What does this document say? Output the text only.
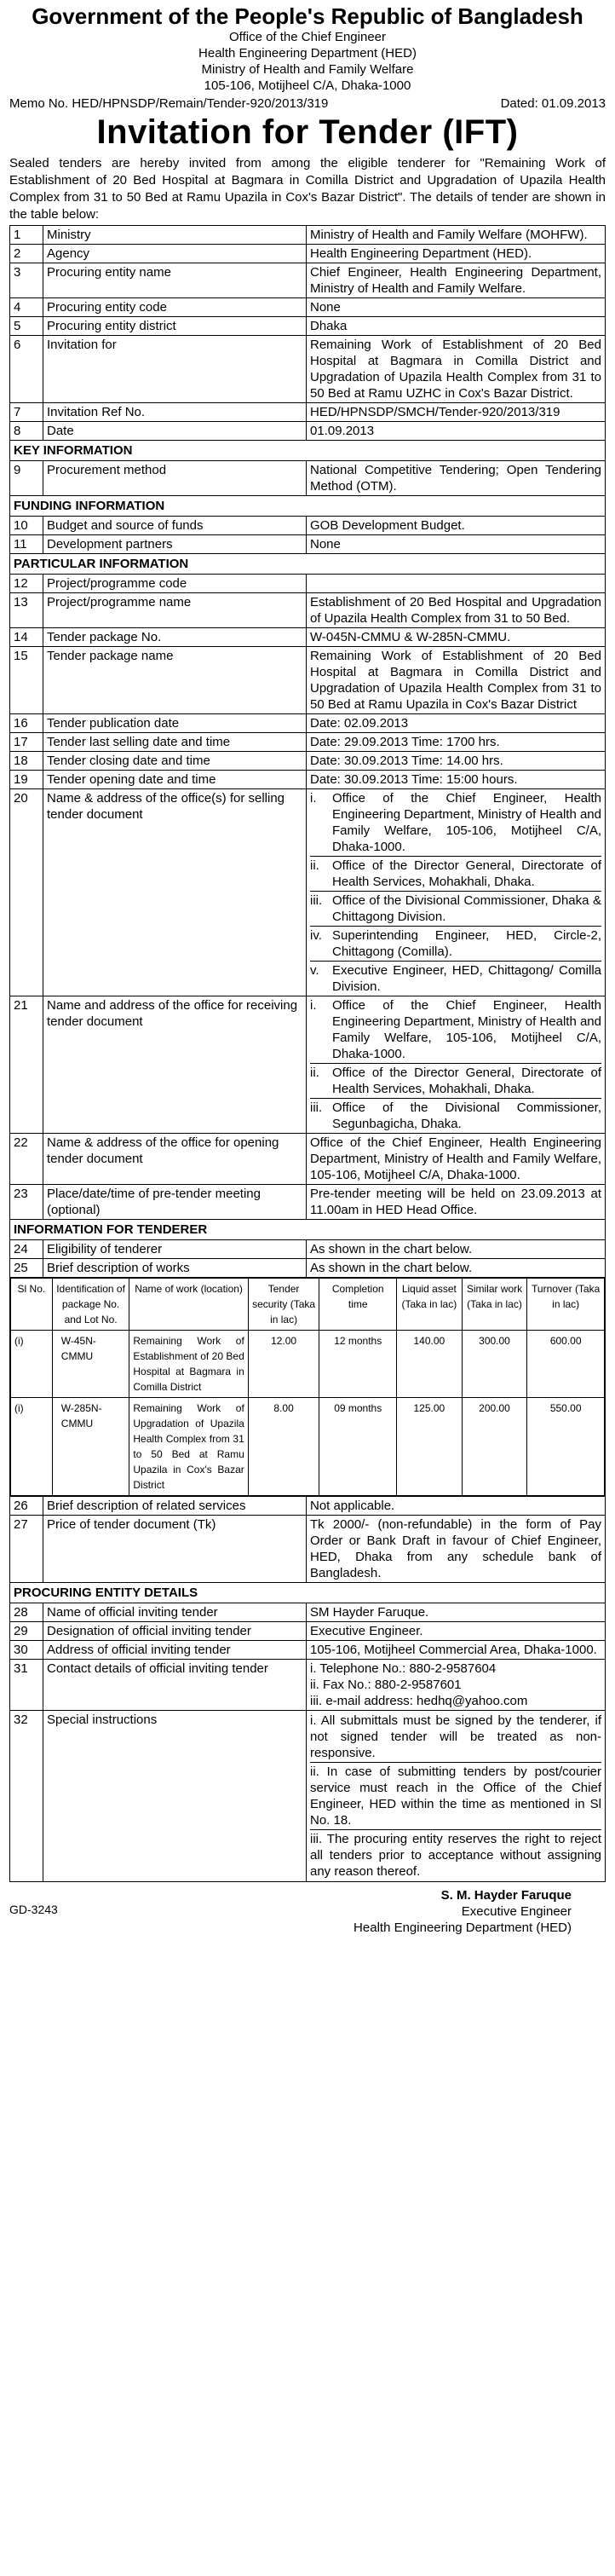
Government of the People's Republic of Bangladesh
Office of the Chief Engineer
Health Engineering Department (HED)
Ministry of Health and Family Welfare
105-106, Motijheel C/A, Dhaka-1000
Memo No. HED/HPNSDP/Remain/Tender-920/2013/319	Dated: 01.09.2013
Invitation for Tender (IFT)
Sealed tenders are hereby invited from among the eligible tenderer for "Remaining Work of Establishment of 20 Bed Hospital at Bagmara in Comilla District and Upgradation of Upazila Health Complex from 31 to 50 Bed at Ramu Upazila in Cox's Bazar District". The details of tender are shown in the table below:
1	Ministry	Ministry of Health and Family Welfare (MOHFW).
2	Agency	Health Engineering Department (HED).
3	Procuring entity name	Chief Engineer, Health Engineering Department, Ministry of Health and Family Welfare.
4	Procuring entity code	None
5	Procuring entity district	Dhaka
6	Invitation for	Remaining Work of Establishment of 20 Bed Hospital at Bagmara in Comilla District and Upgradation of Upazila Health Complex from 31 to 50 Bed at Ramu UZHC in Cox's Bazar District.
7	Invitation Ref No.	HED/HPNSDP/SMCH/Tender-920/2013/319
8	Date	01.09.2013
KEY INFORMATION
9	Procurement method	National Competitive Tendering; Open Tendering Method (OTM).
FUNDING INFORMATION
10	Budget and source of funds	GOB Development Budget.
11	Development partners	None
PARTICULAR INFORMATION
12	Project/programme code	
13	Project/programme name	Establishment of 20 Bed Hospital and Upgradation of Upazila Health Complex from 31 to 50 Bed.
14	Tender package No.	W-045N-CMMU & W-285N-CMMU.
15	Tender package name	Remaining Work of Establishment of 20 Bed Hospital at Bagmara in Comilla District and Upgradation of Upazila Health Complex from 31 to 50 Bed at Ramu Upazila in Cox's Bazar District
16	Tender publication date	Date: 02.09.2013
17	Tender last selling date and time	Date: 29.09.2013 Time: 1700 hrs.
18	Tender closing date and time	Date: 30.09.2013 Time: 14.00 hrs.
19	Tender opening date and time	Date: 30.09.2013 Time: 15:00 hours.
20	Name & address of the office(s) for selling tender document	
i.	Office of the Chief Engineer, Health Engineering Department, Ministry of Health and Family Welfare, 105-106, Motijheel C/A, Dhaka-1000.
ii.	Office of the Director General, Directorate of Health Services, Mohakhali, Dhaka.
iii. Office of the Divisional Commissioner, Dhaka & Chittagong Division.
iv. Superintending Engineer, HED, Circle-2, Chittagong (Comilla).
v.	Executive Engineer, HED, Chittagong/ Comilla Division.

21	Name and address of the office for receiving tender document	
i.	Office of the Chief Engineer, Health Engineering Department, Ministry of Health and Family Welfare, 105-106, Motijheel C/A, Dhaka-1000.
ii.	Office of the Director General, Directorate of Health Services, Mohakhali, Dhaka.
iii. Office of the Divisional Commissioner, Segunbagicha, Dhaka.

22	Name & address of the office for opening tender document	Office of the Chief Engineer, Health Engineering Department, Ministry of Health and Family Welfare, 105-106, Motijheel C/A, Dhaka-1000.
23	Place/date/time of pre-tender meeting (optional)	Pre-tender meeting will be held on 23.09.2013 at 11.00am in HED Head Office.
INFORMATION FOR TENDERER
24	Eligibility of tenderer	As shown in the chart below.
25	Brief description of works	As shown in the chart below.

Sl No.	Identification of package No. and Lot No.	Name of work (location)	Tender security (Taka in lac)	Completion time	Liquid asset (Taka in lac)	Similar work (Taka in lac)	Turnover (Taka in lac)
(i)	W-45N-CMMU	Remaining Work of Establishment of 20 Bed Hospital at Bagmara in Comilla District	12.00	12 months	140.00	300.00	600.00
(i)	W-285N-CMMU	Remaining Work of Upgradation of Upazila Health Complex from 31 to 50 Bed at Ramu Upazila in Cox's Bazar District	8.00	09 months	125.00	200.00	550.00

26	Brief description of related services	Not applicable.
27	Price of tender document (Tk)	Tk 2000/- (non-refundable) in the form of Pay Order or Bank Draft in favour of Chief Engineer, HED, Dhaka from any schedule bank of Bangladesh.
PROCURING ENTITY DETAILS
28	Name of official inviting tender	SM Hayder Faruque.
29	Designation of official inviting tender	Executive Engineer.
30	Address of official inviting tender	105-106, Motijheel Commercial Area, Dhaka-1000.
31	Contact details of official inviting tender	i. Telephone No.: 880-2-9587604
ii. Fax No.: 880-2-9587601
iii. e-mail address: hedhq@yahoo.com

32	Special instructions	i. All submittals must be signed by the tenderer, if not signed tender will be treated as non-responsive.
ii. In case of submitting tenders by post/courier service must reach in the Office of the Chief Engineer, HED within the time as mentioned in Sl No. 18.
iii. The procuring entity reserves the right to reject all tenders prior to acceptance without assigning any reason thereof.
S. M. Hayder Faruque
Executive Engineer
Health Engineering Department (HED)
GD-3243
